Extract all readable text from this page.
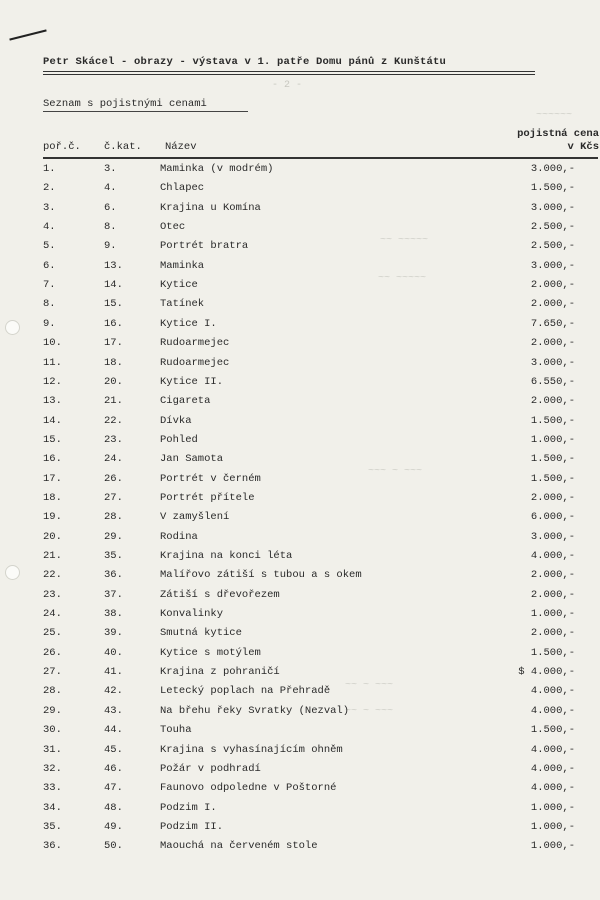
Petr Skácel - obrazy - výstava v 1. patře Domu pánů z Kunštátu
- 2 -
Seznam s pojistnými cenami
~~~~~~
~~ ~~~~~
~~ ~~~~~
~~~ ~ ~~~
~~ ~ ~~~
~~ ~ ~~~
poř.č. č.kat. Název
pojistná cena
v Kčs
1.	3.	Maminka (v modrém)	3.000,-
2.	4.	Chlapec	1.500,-
3.	6.	Krajina u Komína	3.000,-
4.	8.	Otec	2.500,-
5.	9.	Portrét bratra	2.500,-
6.	13.	Maminka	3.000,-
7.	14.	Kytice	2.000,-
8.	15.	Tatínek	2.000,-
9.	16.	Kytice I.	7.650,-
10.	17.	Rudoarmejec	2.000,-
11.	18.	Rudoarmejec	3.000,-
12.	20.	Kytice II.	6.550,-
13.	21.	Cigareta	2.000,-
14.	22.	Dívka	1.500,-
15.	23.	Pohled	1.000,-
16.	24.	Jan Samota	1.500,-
17.	26.	Portrét v černém	1.500,-
18.	27.	Portrét přítele	2.000,-
19.	28.	V zamyšlení	6.000,-
20.	29.	Rodina	3.000,-
21.	35.	Krajina na konci léta	4.000,-
22.	36.	Malířovo zátiší s tubou a s okem	2.000,-
23.	37.	Zátiší s dřevořezem	2.000,-
24.	38.	Konvalinky	1.000,-
25.	39.	Smutná kytice	2.000,-
26.	40.	Kytice s motýlem	1.500,-
27.	41.	Krajina z pohraničí	$ 4.000,-
28.	42.	Letecký poplach na Přehradě	4.000,-
29.	43.	Na břehu řeky Svratky (Nezval)	4.000,-
30.	44.	Touha	1.500,-
31.	45.	Krajina s vyhasínajícím ohněm	4.000,-
32.	46.	Požár v podhradí	4.000,-
33.	47.	Faunovo odpoledne v Poštorné	4.000,-
34.	48.	Podzim I.	1.000,-
35.	49.	Podzim II.	1.000,-
36.	50.	Maouchá na červeném stole	1.000,-
